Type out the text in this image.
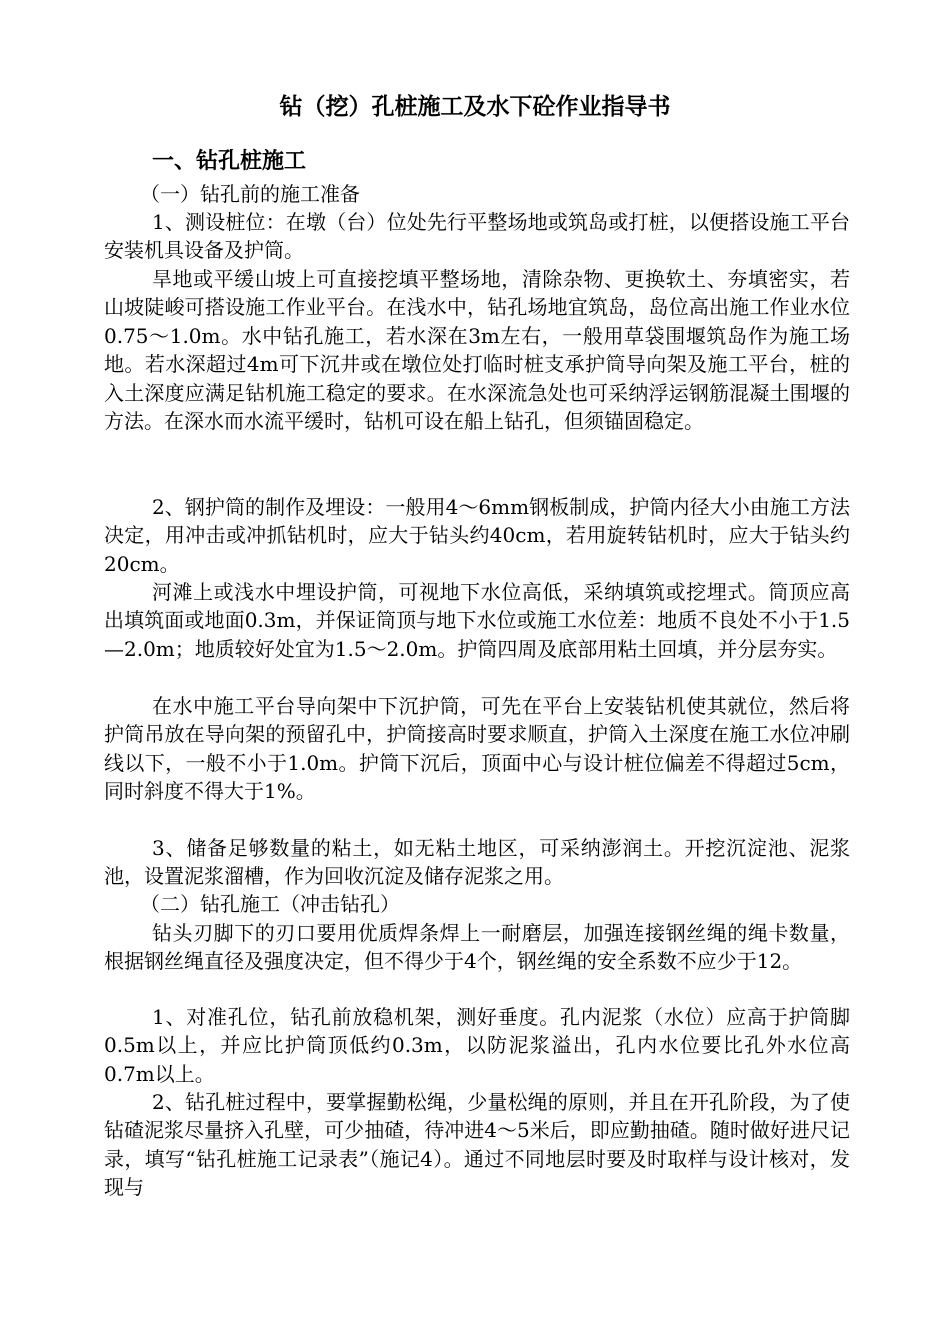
钻（挖）孔桩施工及水下砼作业指导书
一、钻孔桩施工
（一）钻孔前的施工准备
1、测设桩位：在墩（台）位处先行平整场地或筑岛或打桩，以便搭设施工平台安装机具设备及护筒。
旱地或平缓山坡上可直接挖填平整场地，清除杂物、更换软土、夯填密实，若山坡陡峻可搭设施工作业平台。在浅水中，钻孔场地宜筑岛，岛位高出施工作业水位0.75～1.0m。水中钻孔施工，若水深在3m左右，一般用草袋围堰筑岛作为施工场地。若水深超过4m可下沉井或在墩位处打临时桩支承护筒导向架及施工平台，桩的入土深度应满足钻机施工稳定的要求。在水深流急处也可采纳浮运钢筋混凝土围堰的方法。在深水而水流平缓时，钻机可设在船上钻孔，但须锚固稳定。
2、钢护筒的制作及埋设：一般用4～6mm钢板制成，护筒内径大小由施工方法决定，用冲击或冲抓钻机时，应大于钻头约40cm，若用旋转钻机时，应大于钻头约20cm。
河滩上或浅水中埋设护筒，可视地下水位高低，采纳填筑或挖埋式。筒顶应高出填筑面或地面0.3m，并保证筒顶与地下水位或施工水位差：地质不良处不小于1.5—2.0m；地质较好处宜为1.5～2.0m。护筒四周及底部用粘土回填，并分层夯实。
在水中施工平台导向架中下沉护筒，可先在平台上安装钻机使其就位，然后将护筒吊放在导向架的预留孔中，护筒接高时要求顺直，护筒入土深度在施工水位冲刷线以下，一般不小于1.0m。护筒下沉后，顶面中心与设计桩位偏差不得超过5cm，同时斜度不得大于1%。
3、储备足够数量的粘土，如无粘土地区，可采纳澎润土。开挖沉淀池、泥浆池，设置泥浆溜槽，作为回收沉淀及储存泥浆之用。
（二）钻孔施工（冲击钻孔）
钻头刃脚下的刃口要用优质焊条焊上一耐磨层，加强连接钢丝绳的绳卡数量，根据钢丝绳直径及强度决定，但不得少于4个，钢丝绳的安全系数不应少于12。
1、对准孔位，钻孔前放稳机架，测好垂度。孔内泥浆（水位）应高于护筒脚0.5m以上，并应比护筒顶低约0.3m，以防泥浆溢出，孔内水位要比孔外水位高0.7m以上。
2、钻孔桩过程中，要掌握勤松绳，少量松绳的原则，并且在开孔阶段，为了使钻碴泥浆尽量挤入孔壁，可少抽碴，待冲进4～5米后，即应勤抽碴。随时做好进尺记录，填写“钻孔桩施工记录表”（施记4）。通过不同地层时要及时取样与设计核对，发现与
